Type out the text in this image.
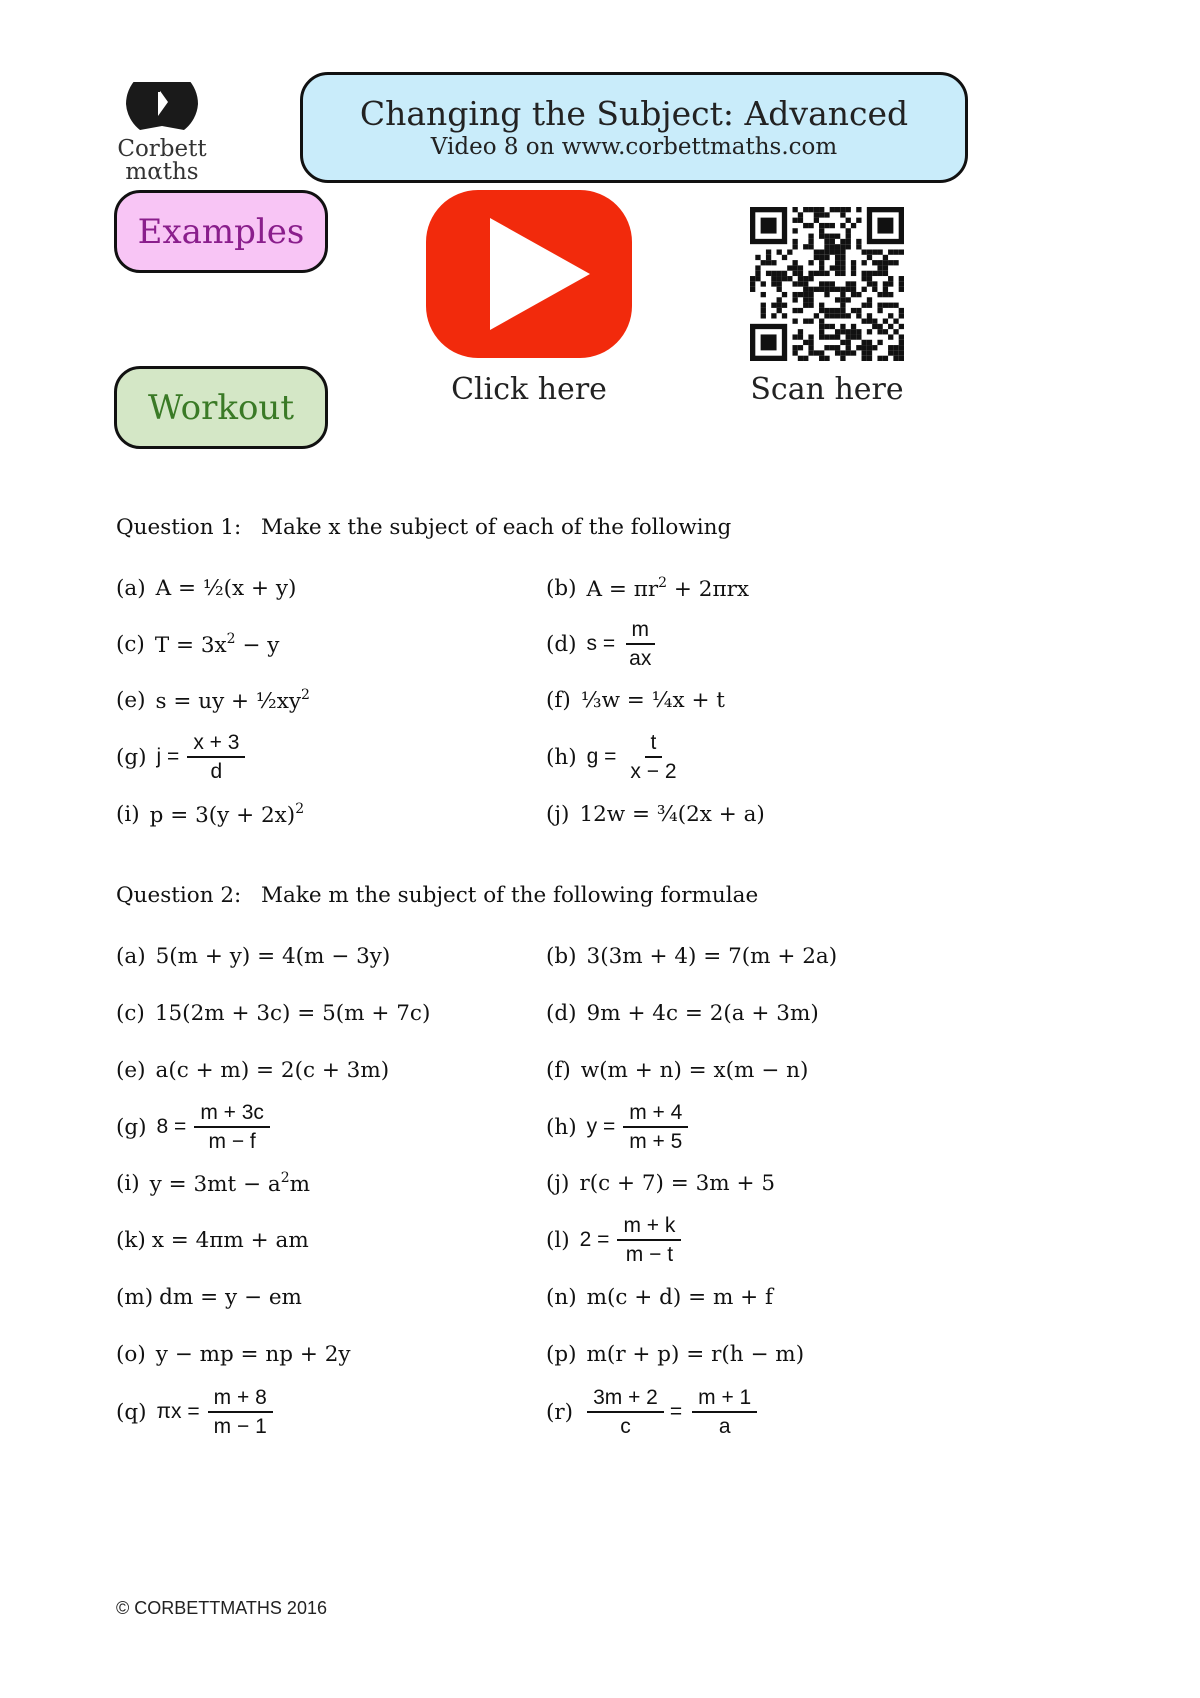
Corbett
mαths
Changing the Subject: Advanced
Video 8 on www.corbettmaths.com
Examples
Workout	Click here	Scan here
Question 1: Make x the subject of each of the following
(a) A = ½(x + y)	(b) $A = \pi r^2 + 2\pi rx$
(c) $T = 3x^2 - y$	(d) $s = \frac{m}{ax}$
(e) s = uy + $\frac{1}{2}xy^2$	(f) ⅓w = ¼x + t
(g) $j = \frac{x + 3}{d}$	(h) $g = \frac{t}{x - 2}$
(i) $p = 3(y + 2x)^2$	(j) 12w = ¾(2x + a)
Question 2: Make m the subject of the following formulae
(a) 5(m + y) = 4(m − 3y)	(b) 3(3m + 4) = 7(m + 2a)
(c) 15(2m + 3c) = 5(m + 7c)	(d) 9m + 4c = 2(a + 3m)
(e) a(c + m) = 2(c + 3m)	(f) w(m + n) = x(m − n)
(g) $8 = \frac{m + 3c}{m - f}$	(h) $y = \frac{m + 4}{m + 5}$
(i) $y = 3mt - a^2m$	(j) r(c + 7) = 3m + 5
(k) x = 4πm + am	(l) $2 = \frac{m + k}{m - t}$
(m) dm = y − em	(n) m(c + d) = m + f
(o) y − mp = np + 2y	(p) m(r + p) = r(h − m)
(q) $\pi x = \frac{m + 8}{m - 1}$	$(r) \frac{3m + 2}{c} = \frac{m + 1}{a}$
© CORBETTMATHS 2016
